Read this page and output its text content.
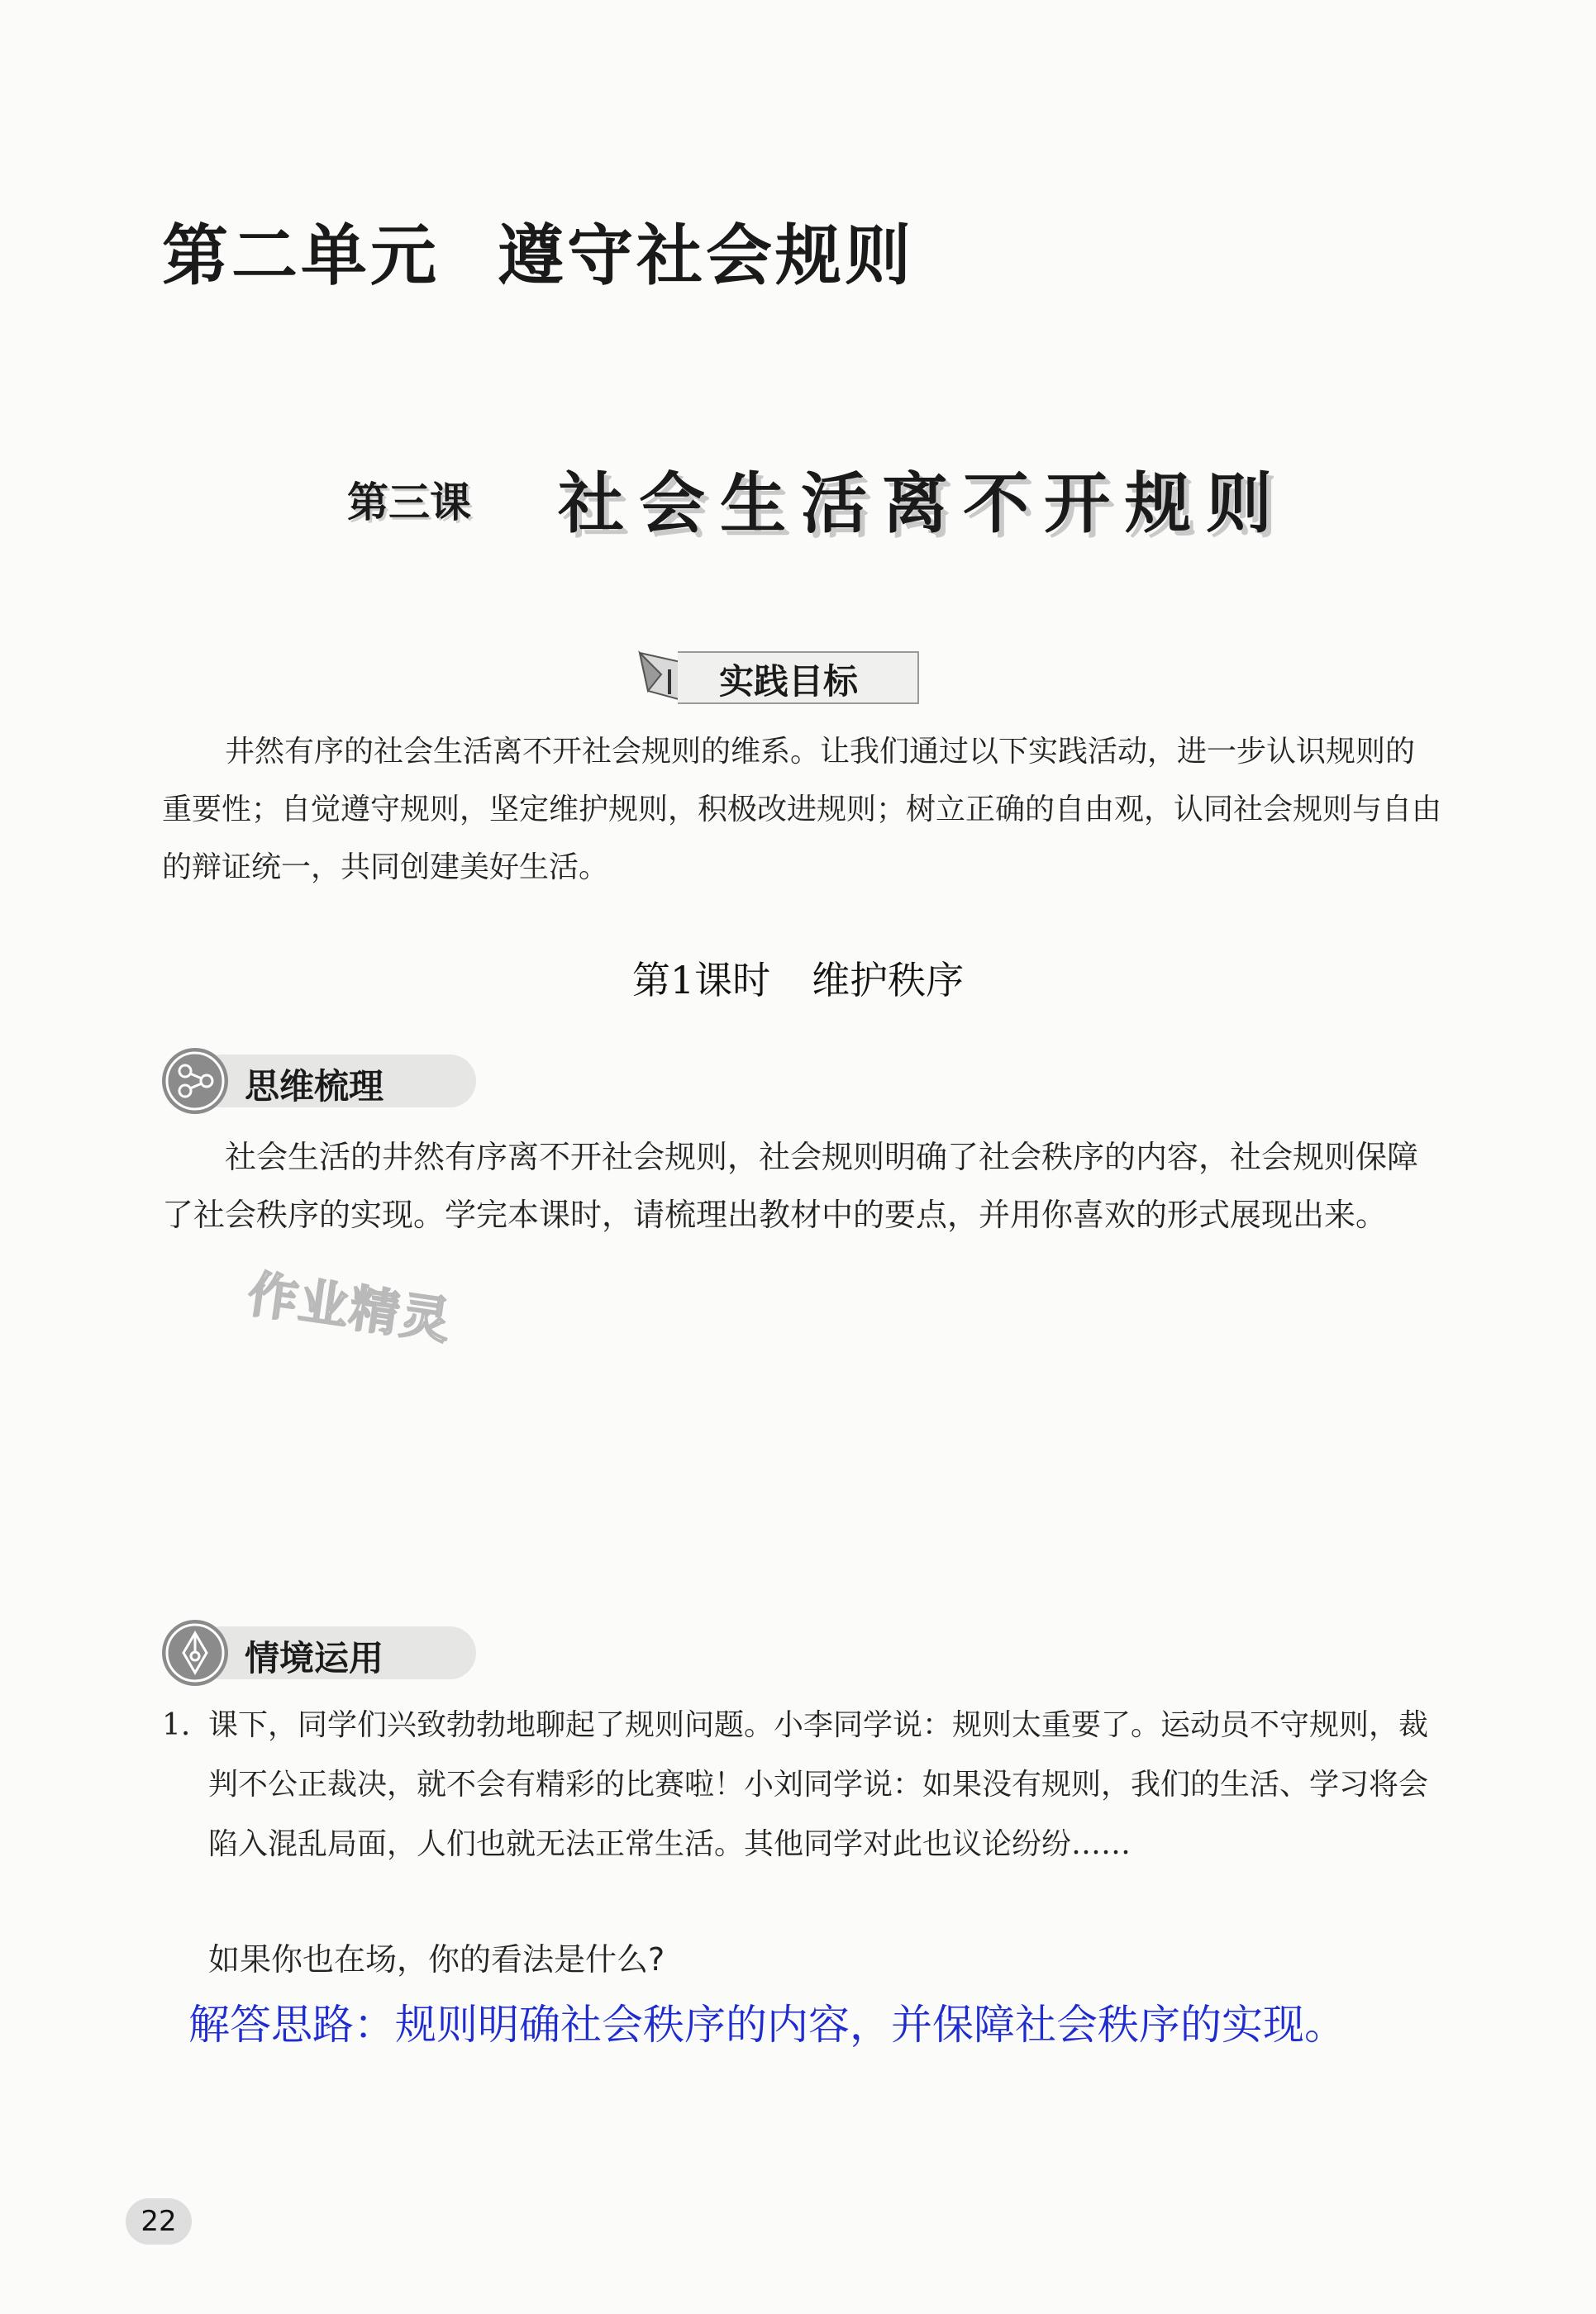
第二单元 遵守社会规则
第三课 社会生活离不开规则
实践目标

井然有序的社会生活离不开社会规则的维系。让我们通过以下实践活动，进一步认识规则的重要性；自觉遵守规则，坚定维护规则，积极改进规则；树立正确的自由观，认同社会规则与自由的辩证统一，共同创建美好生活。

第1课时 维护秩序
思维梳理

社会生活的井然有序离不开社会规则，社会规则明确了社会秩序的内容，社会规则保障了社会秩序的实现。学完本课时，请梳理出教材中的要点，并用你喜欢的形式展现出来。

作业精灵
情境运用
1. 课下，同学们兴致勃勃地聊起了规则问题。小李同学说：规则太重要了。运动员不守规则，裁判不公正裁决，就不会有精彩的比赛啦！小刘同学说：如果没有规则，我们的生活、学习将会陷入混乱局面，人们也就无法正常生活。其他同学对此也议论纷纷……
如果你也在场，你的看法是什么?
解答思路：规则明确社会秩序的内容，并保障社会秩序的实现。
22
